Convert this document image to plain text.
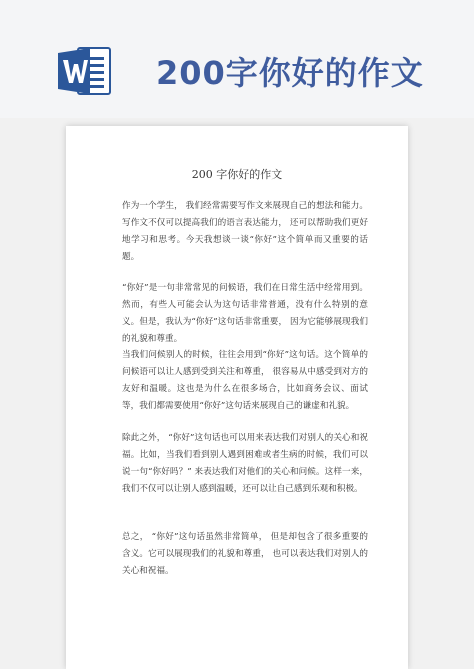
200字你好的作文
200 字你好的作文

作为一个学生， 我们经常需要写作文来展现自己的想法和能力。写作文不仅可以提高我们的语言表达能力， 还可以帮助我们更好地学习和思考。今天我想谈一谈“你好”这个简单而又重要的话题。

“你好”是一句非常常见的问候语，我们在日常生活中经常用到。然而，有些人可能会认为这句话非常普通，没有什么特别的意义。但是，我认为“你好”这句话非常重要， 因为它能够展现我们的礼貌和尊重。

当我们问候别人的时候，往往会用到“你好”这句话。这个简单的问候语可以让人感到受到关注和尊重， 很容易从中感受到对方的友好和温暖。这也是为什么在很多场合，比如商务会议、面试等，我们都需要使用“你好”这句话来展现自己的谦虚和礼貌。

除此之外， “你好”这句话也可以用来表达我们对别人的关心和祝福。比如，当我们看到别人遇到困难或者生病的时候，我们可以说一句“你好吗？” 来表达我们对他们的关心和问候。这样一来，我们不仅可以让别人感到温暖，还可以让自己感到乐观和积极。

总之， “你好”这句话虽然非常简单， 但是却包含了很多重要的含义。它可以展现我们的礼貌和尊重， 也可以表达我们对别人的关心和祝福。
